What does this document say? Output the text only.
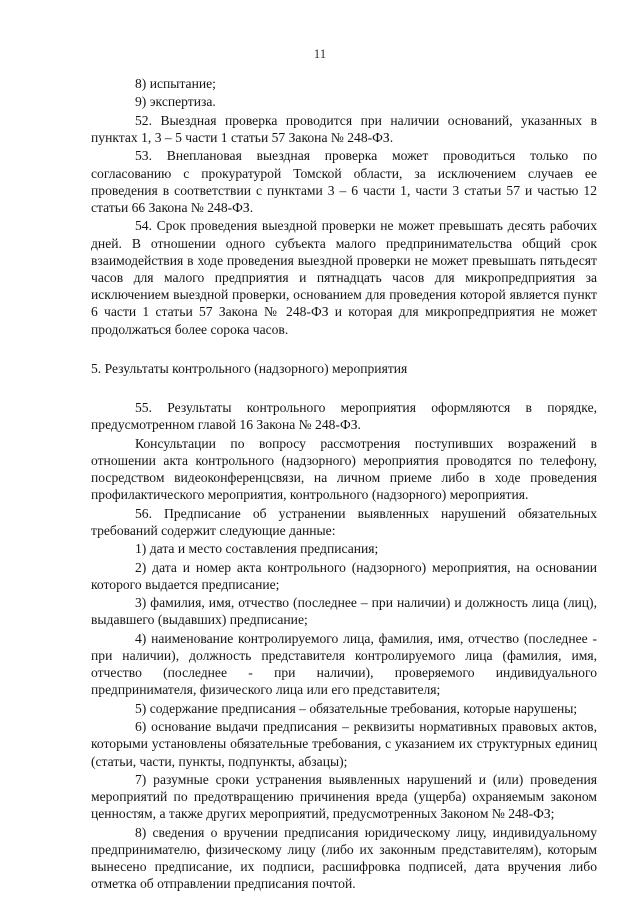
11

8) испытание;

9) экспертиза.

52. Выездная проверка проводится при наличии оснований, указанных в пунктах 1, 3 – 5 части 1 статьи 57 Закона № 248-ФЗ.

53. Внеплановая выездная проверка может проводиться только по согласованию с прокуратурой Томской области, за исключением случаев ее проведения в соответствии с пунктами 3 – 6 части 1, части 3 статьи 57 и частью 12 статьи 66 Закона № 248-ФЗ.

54. Срок проведения выездной проверки не может превышать десять рабочих дней. В отношении одного субъекта малого предпринимательства общий срок взаимодействия в ходе проведения выездной проверки не может превышать пятьдесят часов для малого предприятия и пятнадцать часов для микропредприятия за исключением выездной проверки, основанием для проведения которой является пункт 6 части 1 статьи 57 Закона № 248-ФЗ и которая для микропредприятия не может продолжаться более сорока часов.

5. Результаты контрольного (надзорного) мероприятия

55. Результаты контрольного мероприятия оформляются в порядке, предусмотренном главой 16 Закона № 248-ФЗ.

Консультации по вопросу рассмотрения поступивших возражений в отношении акта контрольного (надзорного) мероприятия проводятся по телефону, посредством видеоконференцсвязи, на личном приеме либо в ходе проведения профилактического мероприятия, контрольного (надзорного) мероприятия.

56. Предписание об устранении выявленных нарушений обязательных требований содержит следующие данные:

1) дата и место составления предписания;

2) дата и номер акта контрольного (надзорного) мероприятия, на основании которого выдается предписание;

3) фамилия, имя, отчество (последнее – при наличии) и должность лица (лиц), выдавшего (выдавших) предписание;

4) наименование контролируемого лица, фамилия, имя, отчество (последнее - при наличии), должность представителя контролируемого лица (фамилия, имя, отчество (последнее - при наличии), проверяемого индивидуального предпринимателя, физического лица или его представителя;

5) содержание предписания – обязательные требования, которые нарушены;

6) основание выдачи предписания – реквизиты нормативных правовых актов, которыми установлены обязательные требования, с указанием их структурных единиц (статьи, части, пункты, подпункты, абзацы);

7) разумные сроки устранения выявленных нарушений и (или) проведения мероприятий по предотвращению причинения вреда (ущерба) охраняемым законом ценностям, а также других мероприятий, предусмотренных Законом № 248-ФЗ;

8) сведения о вручении предписания юридическому лицу, индивидуальному предпринимателю, физическому лицу (либо их законным представителям), которым вынесено предписание, их подписи, расшифровка подписей, дата вручения либо отметка об отправлении предписания почтой.
